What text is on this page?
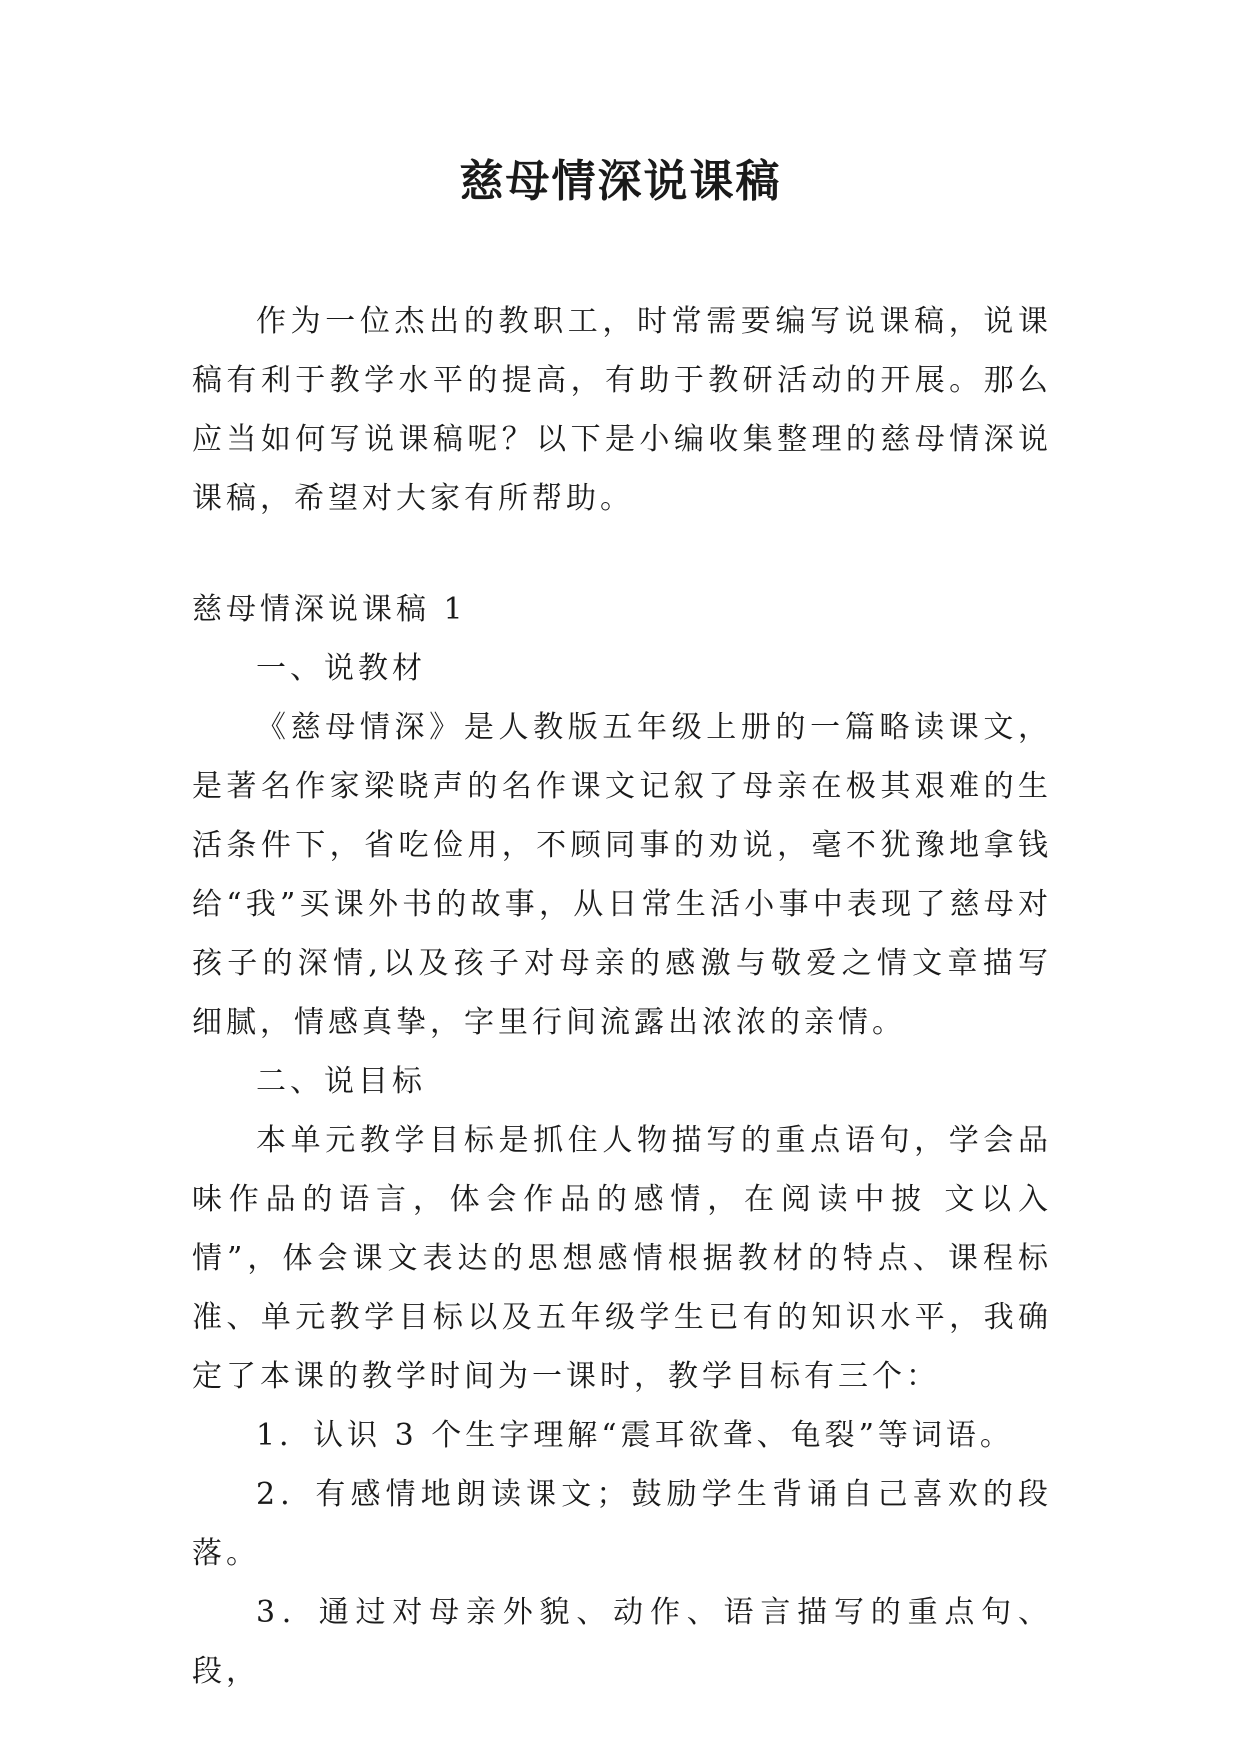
慈母情深说课稿

作为一位杰出的教职工，时常需要编写说课稿，说课稿有利于教学水平的提高，有助于教研活动的开展。那么应当如何写说课稿呢？以下是小编收集整理的慈母情深说课稿，希望对大家有所帮助。

慈母情深说课稿 1

一、说教材

《慈母情深》是人教版五年级上册的一篇略读课文，是著名作家梁晓声的名作课文记叙了母亲在极其艰难的生活条件下，省吃俭用，不顾同事的劝说，毫不犹豫地拿钱给“我”买课外书的故事，从日常生活小事中表现了慈母对孩子的深情,以及孩子对母亲的感激与敬爱之情文章描写细腻，情感真挚，字里行间流露出浓浓的亲情。

二、说目标

本单元教学目标是抓住人物描写的重点语句，学会品味作品的语言，体会作品的感情，在阅读中披 文以入情”，体会课文表达的思想感情根据教材的特点、课程标准、单元教学目标以及五年级学生已有的知识水平，我确定了本课的教学时间为一课时，教学目标有三个：

1．认识 3 个生字理解“震耳欲聋、龟裂”等词语。

2．有感情地朗读课文；鼓励学生背诵自己喜欢的段落。

3．通过对母亲外貌、动作、语言描写的重点句、段，
